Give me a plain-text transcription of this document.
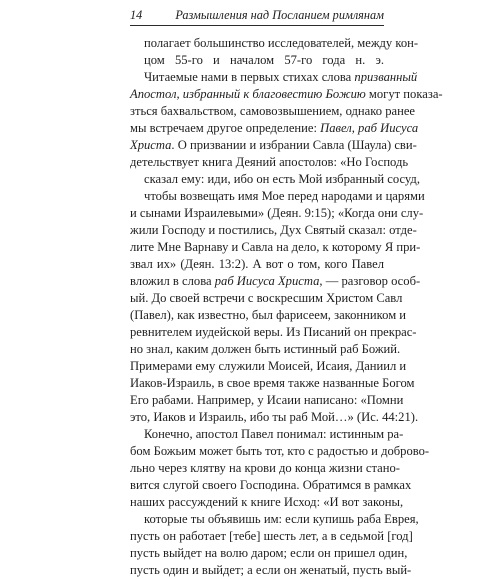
14	Размышления над Посланием римлянам
полагает большинство исследователей, между кон-
цом 55-го и началом 57-го года н. э.
Читаемые нами в первых стихах слова призванный
Апостол, избранный к благовестию Божию могут показа-
зться бахвальством, самовозвышением, однако ранее
мы встречаем другое определение: Павел, раб Иисуса
Христа. О призвании и избрании Савла (Шаула) сви-
детельствует книга Деяний апостолов: «Но Господь
сказал ему: иди, ибо он есть Мой избранный сосуд,
чтобы возвещать имя Мое перед народами и царями
и сынами Израилевыми» (Деян. 9:15); «Когда они слу-
жили Господу и постились, Дух Святый сказал: отде-
лите Мне Варнаву и Савла на дело, к которому Я при-
звал их» (Деян. 13:2). А вот о том, кого Павел
вложил в слова раб Иисуса Христа, — разговор особ-
ый. До своей встречи с воскресшим Христом Савл
(Павел), как известно, был фарисеем, законником и
ревнителем иудейской веры. Из Писаний он прекрас-
но знал, каким должен быть истинный раб Божий.
Примерами ему служили Моисей, Исаия, Даниил и
Иаков-Израиль, в свое время также названные Богом
Его рабами. Например, у Исаии написано: «Помни
это, Иаков и Израиль, ибо ты раб Мой…» (Ис. 44:21).
Конечно, апостол Павел понимал: истинным ра-
бом Божьим может быть тот, кто с радостью и доброво-
льно через клятву на крови до конца жизни стано-
вится слугой своего Господина. Обратимся в рамках
наших рассуждений к книге Исход: «И вот законы,
которые ты объявишь им: если купишь раба Еврея,
пусть он работает [тебе] шесть лет, а в седьмой [год]
пусть выйдет на волю даром; если он пришел один,
пусть один и выйдет; а если он женатый, пусть вый-
